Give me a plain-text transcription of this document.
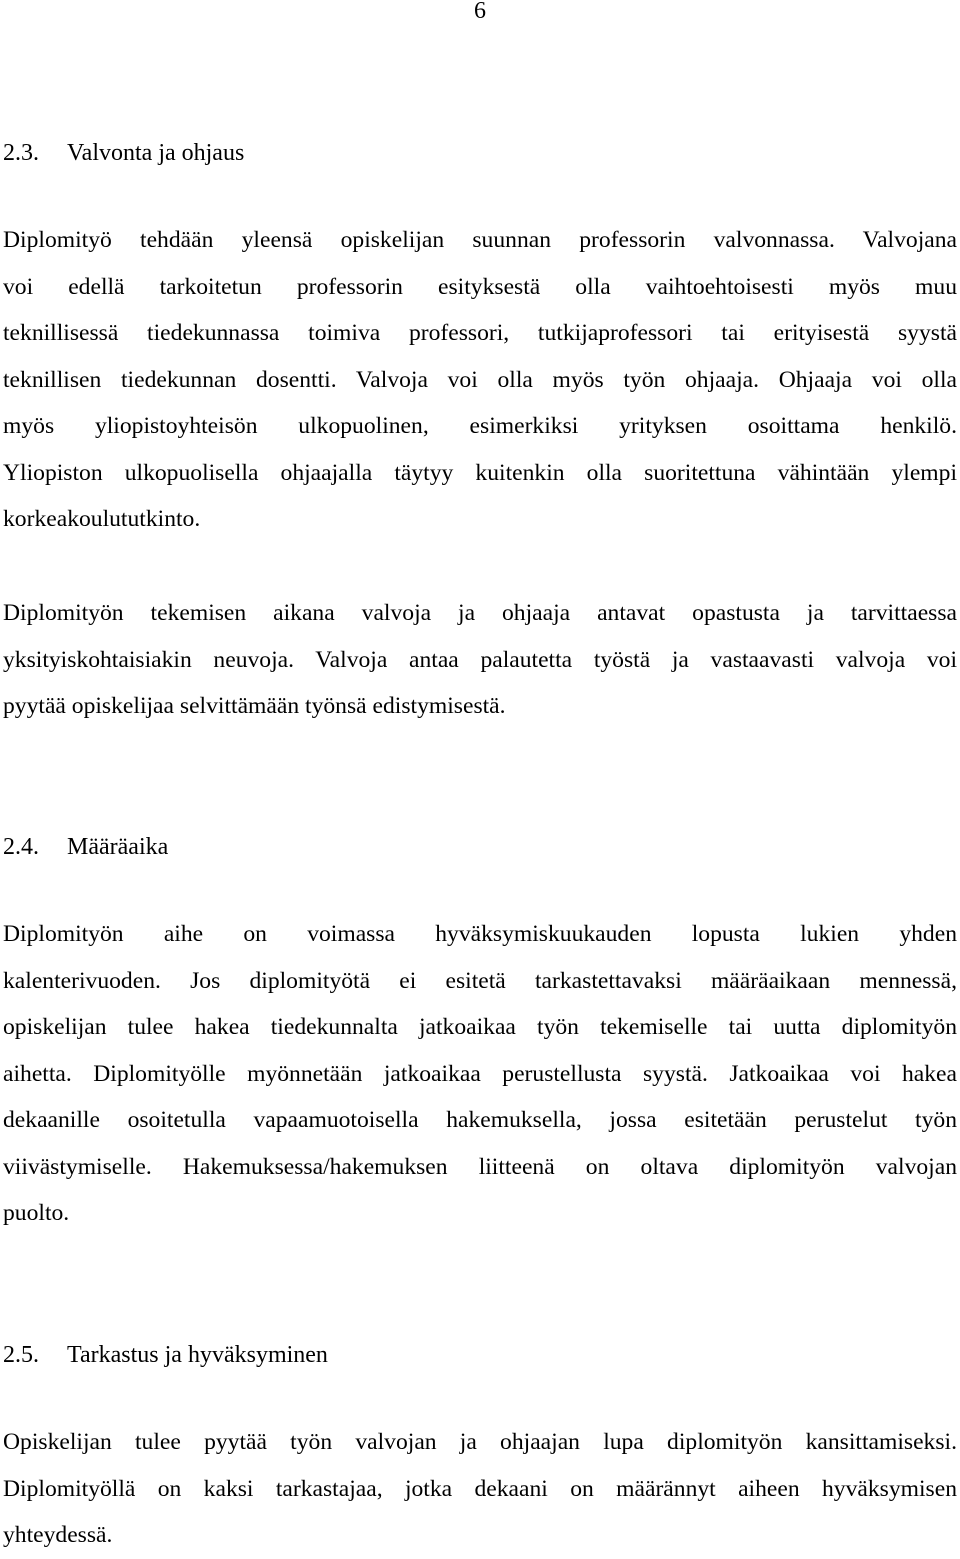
6
2.3. Valvonta ja ohjaus
Diplomityö tehdään yleensä opiskelijan suunnan professorin valvonnassa. Valvojana
voi edellä tarkoitetun professorin esityksestä olla vaihtoehtoisesti myös muu
teknillisessä tiedekunnassa toimiva professori, tutkijaprofessori tai erityisestä syystä
teknillisen tiedekunnan dosentti. Valvoja voi olla myös työn ohjaaja. Ohjaaja voi olla
myös yliopistoyhteisön ulkopuolinen, esimerkiksi yrityksen osoittama henkilö.
Yliopiston ulkopuolisella ohjaajalla täytyy kuitenkin olla suoritettuna vähintään ylempi
korkeakoulututkinto.
Diplomityön tekemisen aikana valvoja ja ohjaaja antavat opastusta ja tarvittaessa
yksityiskohtaisiakin neuvoja. Valvoja antaa palautetta työstä ja vastaavasti valvoja voi
pyytää opiskelijaa selvittämään työnsä edistymisestä.
2.4. Määräaika
Diplomityön aihe on voimassa hyväksymiskuukauden lopusta lukien yhden
kalenterivuoden. Jos diplomityötä ei esitetä tarkastettavaksi määräaikaan mennessä,
opiskelijan tulee hakea tiedekunnalta jatkoaikaa työn tekemiselle tai uutta diplomityön
aihetta. Diplomityölle myönnetään jatkoaikaa perustellusta syystä. Jatkoaikaa voi hakea
dekaanille osoitetulla vapaamuotoisella hakemuksella, jossa esitetään perustelut työn
viivästymiselle. Hakemuksessa/hakemuksen liitteenä on oltava diplomityön valvojan
puolto.
2.5. Tarkastus ja hyväksyminen
Opiskelijan tulee pyytää työn valvojan ja ohjaajan lupa diplomityön kansittamiseksi.
Diplomityöllä on kaksi tarkastajaa, jotka dekaani on määrännyt aiheen hyväksymisen
yhteydessä.
